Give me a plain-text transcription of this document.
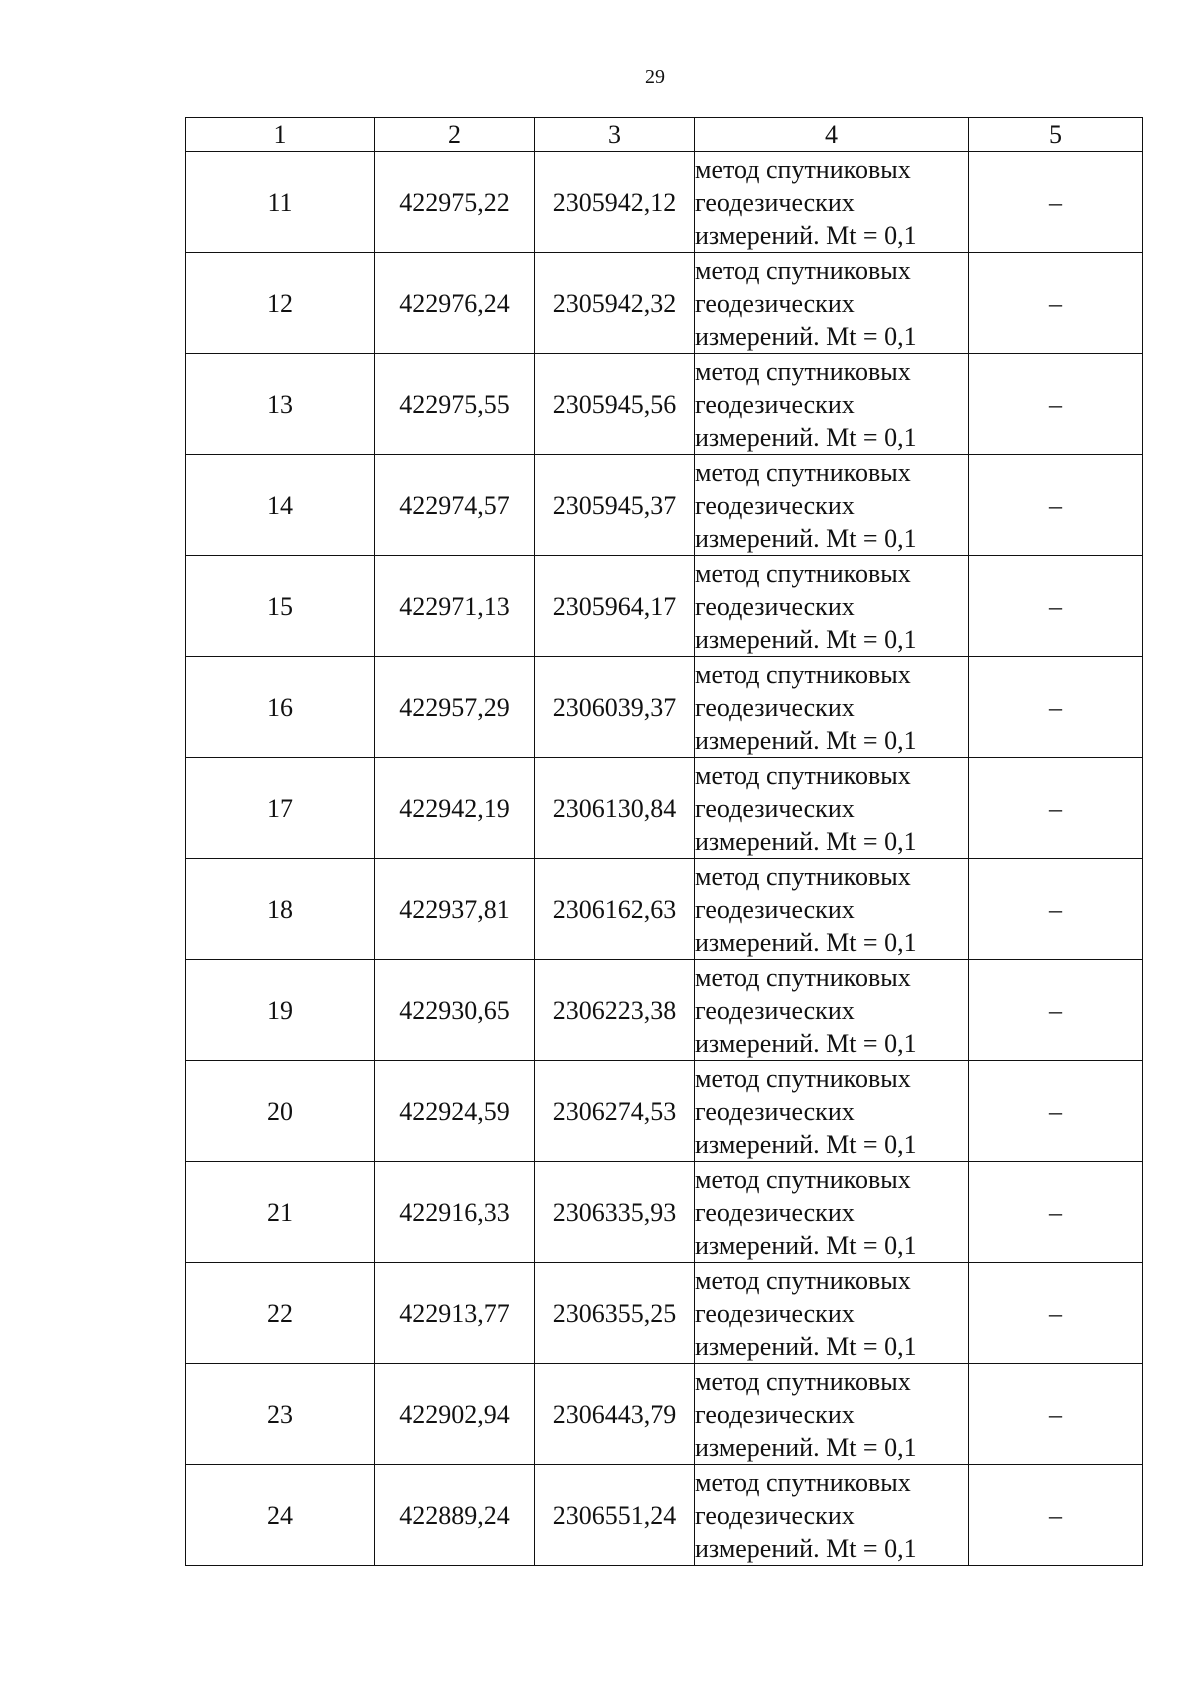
29
1	2	3	4	5
11	422975,22	2305942,12	метод спутниковых
геодезических
измерений. Mt = 0,1	–
12	422976,24	2305942,32	метод спутниковых
геодезических
измерений. Mt = 0,1	–
13	422975,55	2305945,56	метод спутниковых
геодезических
измерений. Mt = 0,1	–
14	422974,57	2305945,37	метод спутниковых
геодезических
измерений. Mt = 0,1	–
15	422971,13	2305964,17	метод спутниковых
геодезических
измерений. Mt = 0,1	–
16	422957,29	2306039,37	метод спутниковых
геодезических
измерений. Mt = 0,1	–
17	422942,19	2306130,84	метод спутниковых
геодезических
измерений. Mt = 0,1	–
18	422937,81	2306162,63	метод спутниковых
геодезических
измерений. Mt = 0,1	–
19	422930,65	2306223,38	метод спутниковых
геодезических
измерений. Mt = 0,1	–
20	422924,59	2306274,53	метод спутниковых
геодезических
измерений. Mt = 0,1	–
21	422916,33	2306335,93	метод спутниковых
геодезических
измерений. Mt = 0,1	–
22	422913,77	2306355,25	метод спутниковых
геодезических
измерений. Mt = 0,1	–
23	422902,94	2306443,79	метод спутниковых
геодезических
измерений. Mt = 0,1	–
24	422889,24	2306551,24	метод спутниковых
геодезических
измерений. Mt = 0,1	–
